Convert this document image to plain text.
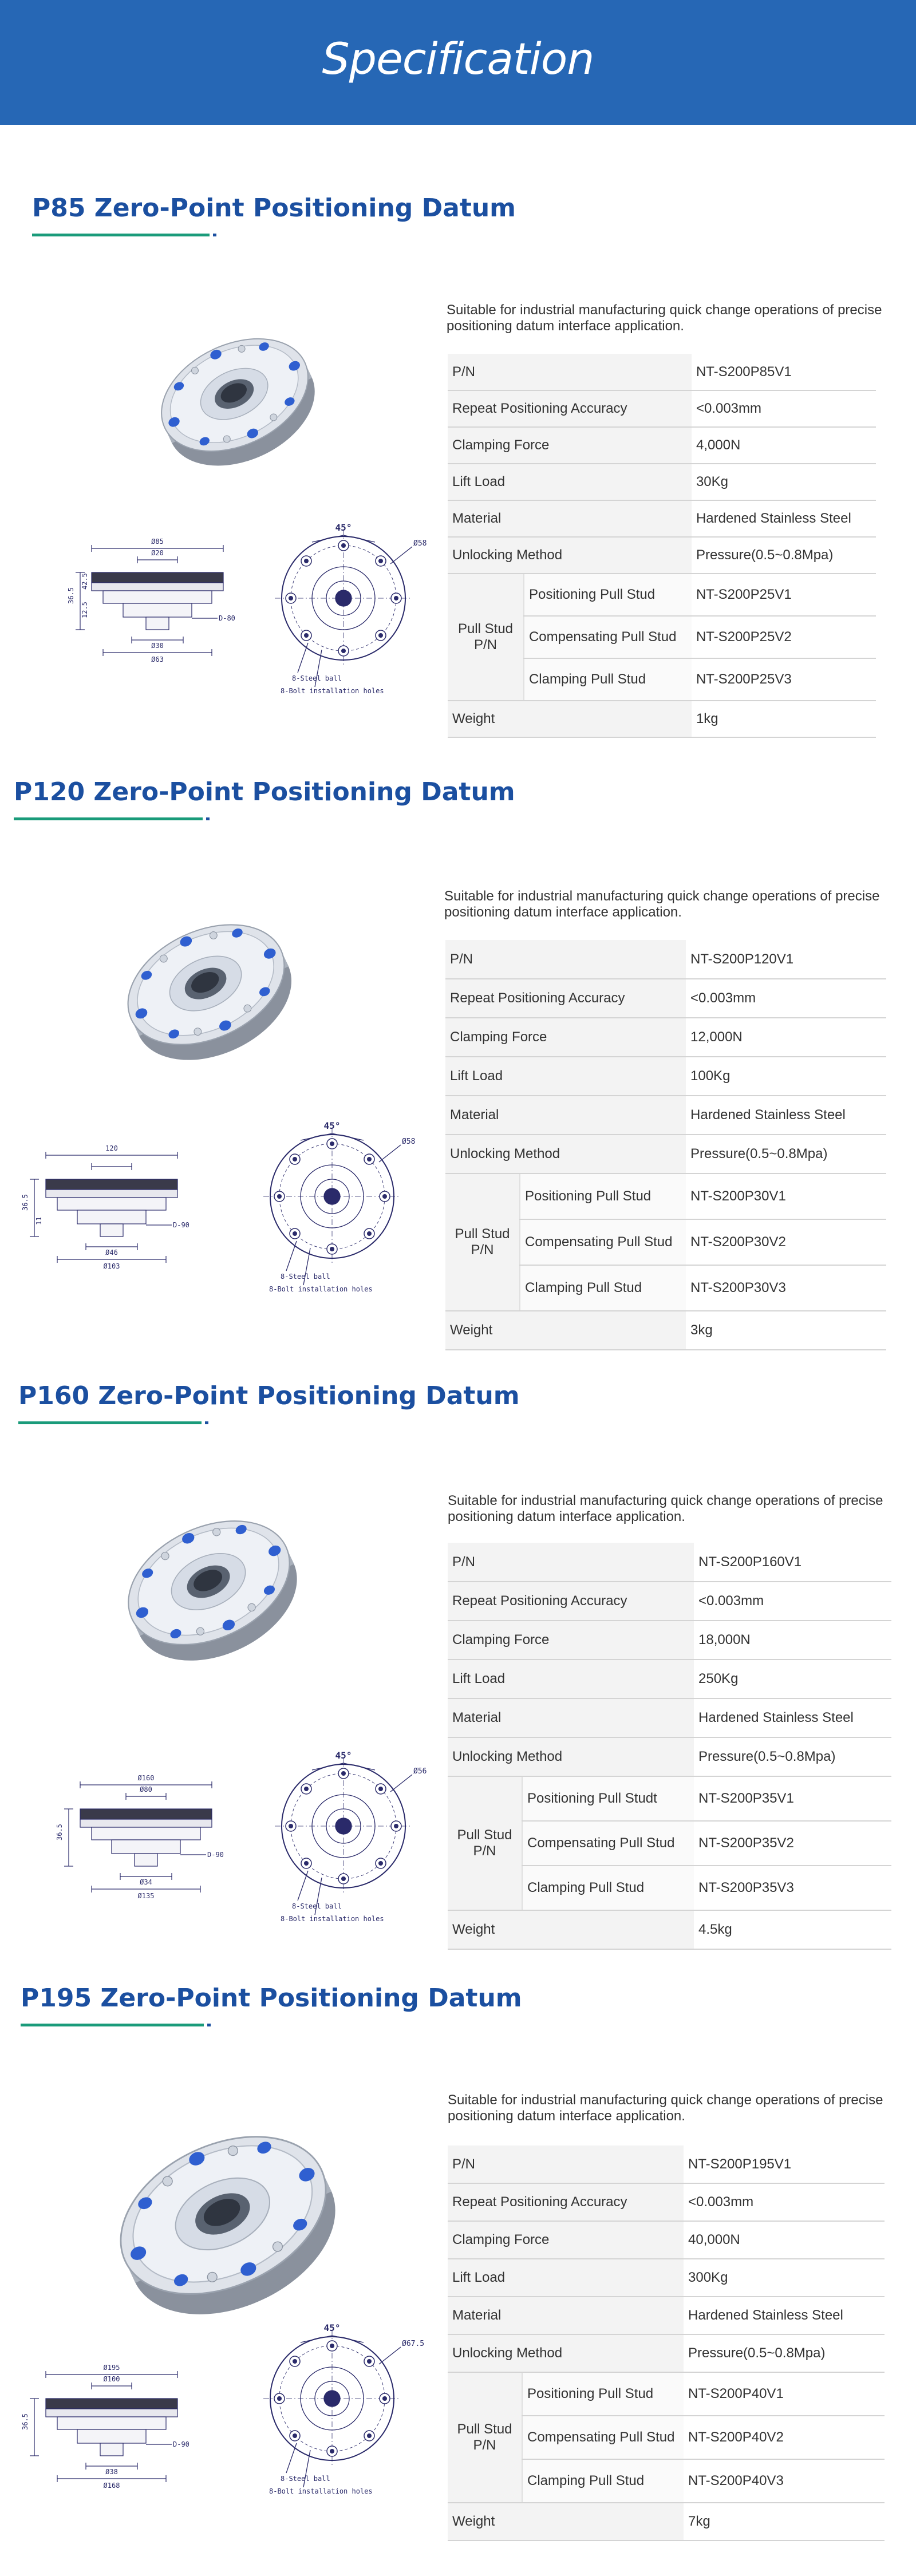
Specification
P85 Zero-Point Positioning Datum
Ø85
Ø20
36.5
12.5
42.5
D-80
Ø30
Ø63
45°
Ø58
8-Steel ball
8-Bolt installation holes
Suitable for industrial manufacturing quick change operations of precise positioning datum interface application.
P/N		NT-S200P85V1
Repeat Positioning Accuracy		<0.003mm
Clamping Force		4,000N
Lift Load		30Kg
Material		Hardened Stainless Steel
Unlocking Method		Pressure(0.5~0.8Mpa)
Pull Stud P/N	Positioning Pull Stud	NT-S200P25V1
	Compensating Pull Stud	NT-S200P25V2
	Clamping Pull Stud	NT-S200P25V3
Weight		1kg
P120 Zero-Point Positioning Datum
120
36.5
11	D-90
Ø46
Ø103
45°
Ø58
8-Steel ball
8-Bolt installation holes
Suitable for industrial manufacturing quick change operations of precise positioning datum interface application.
P/N		NT-S200P120V1
Repeat Positioning Accuracy		<0.003mm
Clamping Force		12,000N
Lift Load		100Kg
Material		Hardened Stainless Steel
Unlocking Method		Pressure(0.5~0.8Mpa)
Pull Stud P/N	Positioning Pull Stud	NT-S200P30V1
	Compensating Pull Stud	NT-S200P30V2
	Clamping Pull Stud	NT-S200P30V3
Weight		3kg
P160 Zero-Point Positioning Datum
Ø160
Ø80
36.5
D-90
Ø34
Ø135
45°
Ø56
8-Steel ball
8-Bolt installation holes
Suitable for industrial manufacturing quick change operations of precise positioning datum interface application.
P/N		NT-S200P160V1
Repeat Positioning Accuracy		<0.003mm
Clamping Force		18,000N
Lift Load		250Kg
Material		Hardened Stainless Steel
Unlocking Method		Pressure(0.5~0.8Mpa)
Pull Stud P/N	Positioning Pull Studt	NT-S200P35V1
	Compensating Pull Stud	NT-S200P35V2
	Clamping Pull Stud	NT-S200P35V3
Weight		4.5kg
P195 Zero-Point Positioning Datum
Ø195
Ø100
36.5
D-90
Ø38
Ø168
45°
Ø67.5
8-Steel ball
8-Bolt installation holes
Suitable for industrial manufacturing quick change operations of precise positioning datum interface application.
P/N		NT-S200P195V1
Repeat Positioning Accuracy		<0.003mm
Clamping Force		40,000N
Lift Load		300Kg
Material		Hardened Stainless Steel
Unlocking Method		Pressure(0.5~0.8Mpa)
Pull Stud P/N	Positioning Pull Stud	NT-S200P40V1
	Compensating Pull Stud	NT-S200P40V2
	Clamping Pull Stud	NT-S200P40V3
Weight		7kg
